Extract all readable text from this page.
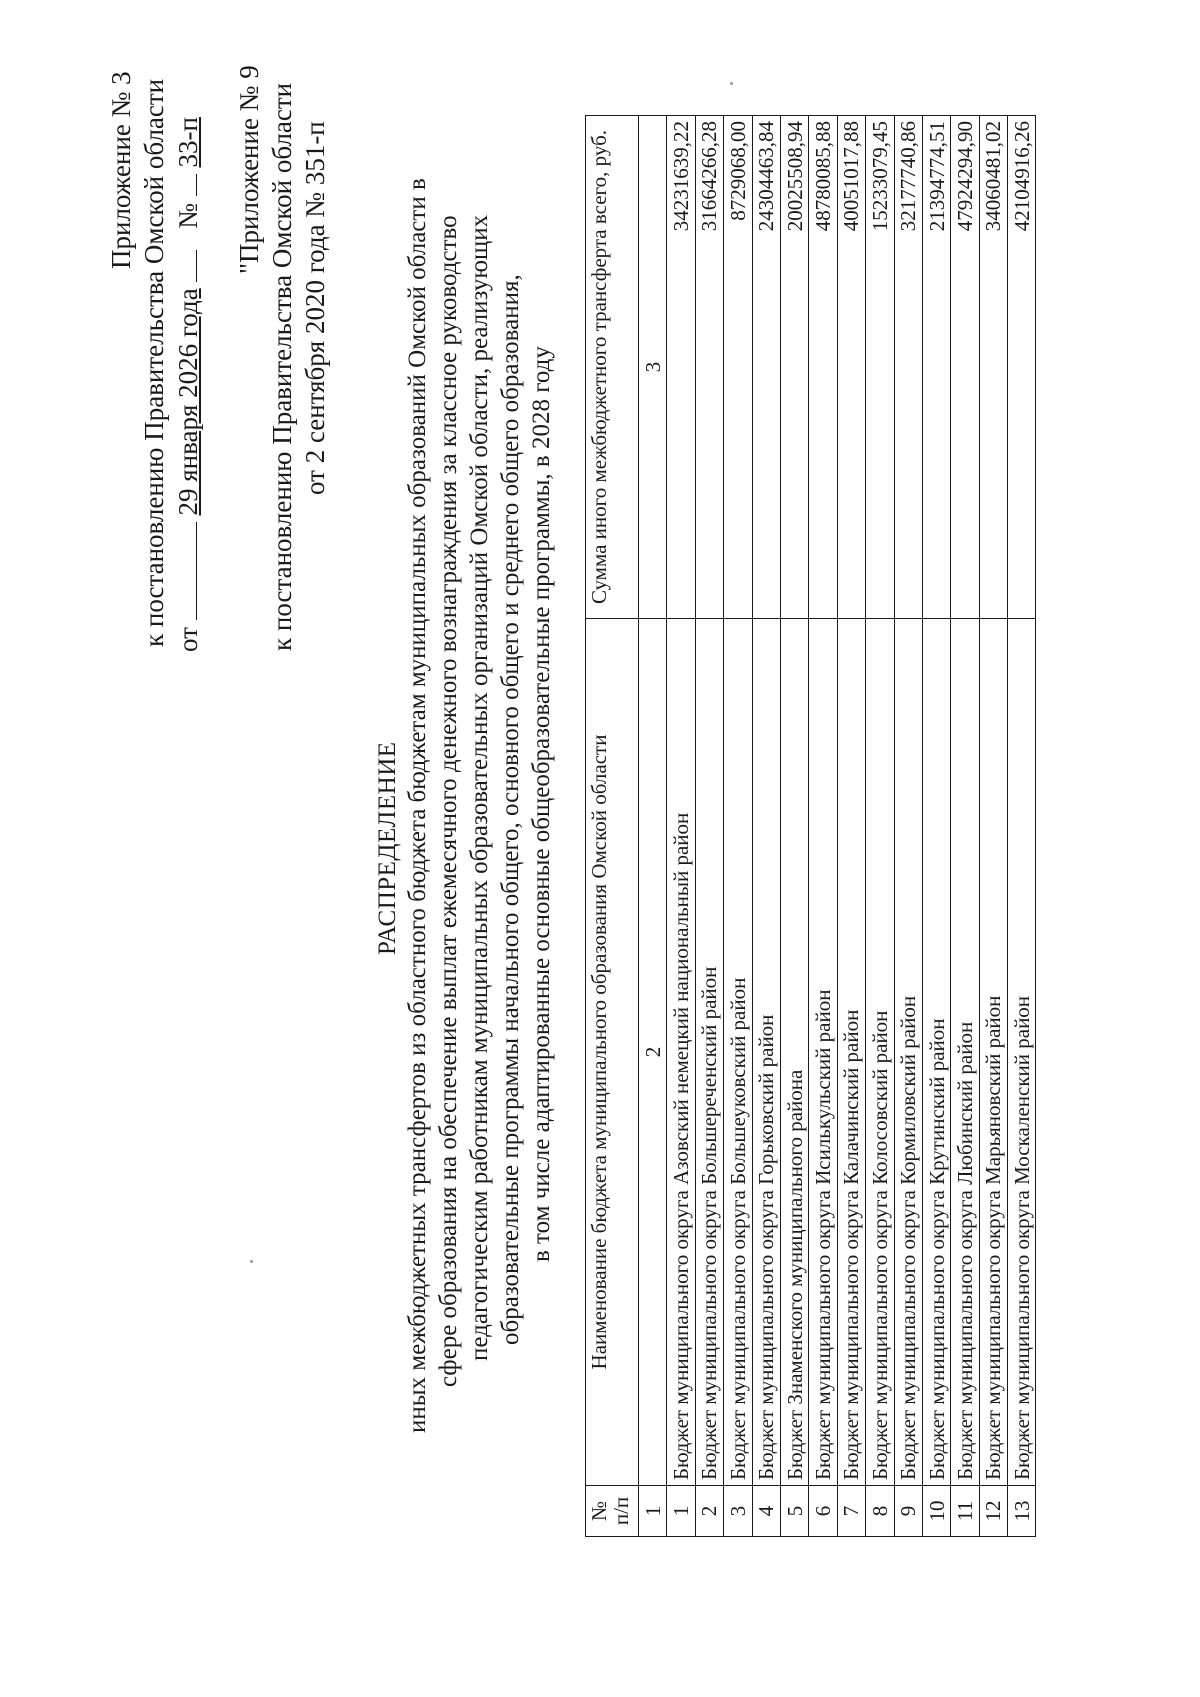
Приложение № 3 к постановлению Правительства Омской области от  29 января 2026 года  №  33-п "Приложение № 9 к постановлению Правительства Омской области от 2 сентября 2020 года № 351-п
РАСПРЕДЕЛЕНИЕ иных межбюджетных трансфертов из областного бюджета бюджетам муниципальных образований Омской области в сфере образования на обеспечение выплат ежемесячного денежного вознаграждения за классное руководство педагогическим работникам муниципальных образовательных организаций Омской области, реализующих образовательные программы начального общего, основного общего и среднего общего образования, в том числе адаптированные основные общеобразовательные программы, в 2028 году
№ п/п	Наименование бюджета муниципального образования Омской области	Сумма иного межбюджетного трансферта всего, руб.
1	2	3
1	Бюджет муниципального округа Азовский немецкий национальный район	34231639,22
2	Бюджет муниципального округа Большереченский район	31664266,28
3	Бюджет муниципального округа Большеуковский район	8729068,00
4	Бюджет муниципального округа Горьковский район	24304463,84
5	Бюджет Знаменского муниципального района	20025508,94
6	Бюджет муниципального округа Исилькульский район	48780085,88
7	Бюджет муниципального округа Калачинский район	40051017,88
8	Бюджет муниципального округа Колосовский район	15233079,45
9	Бюджет муниципального округа Кормиловский район	32177740,86
10	Бюджет муниципального округа Крутинский район	21394774,51
11	Бюджет муниципального округа Любинский район	47924294,90
12	Бюджет муниципального округа Марьяновский район	34060481,02
13	Бюджет муниципального округа Москаленский район	42104916,26
